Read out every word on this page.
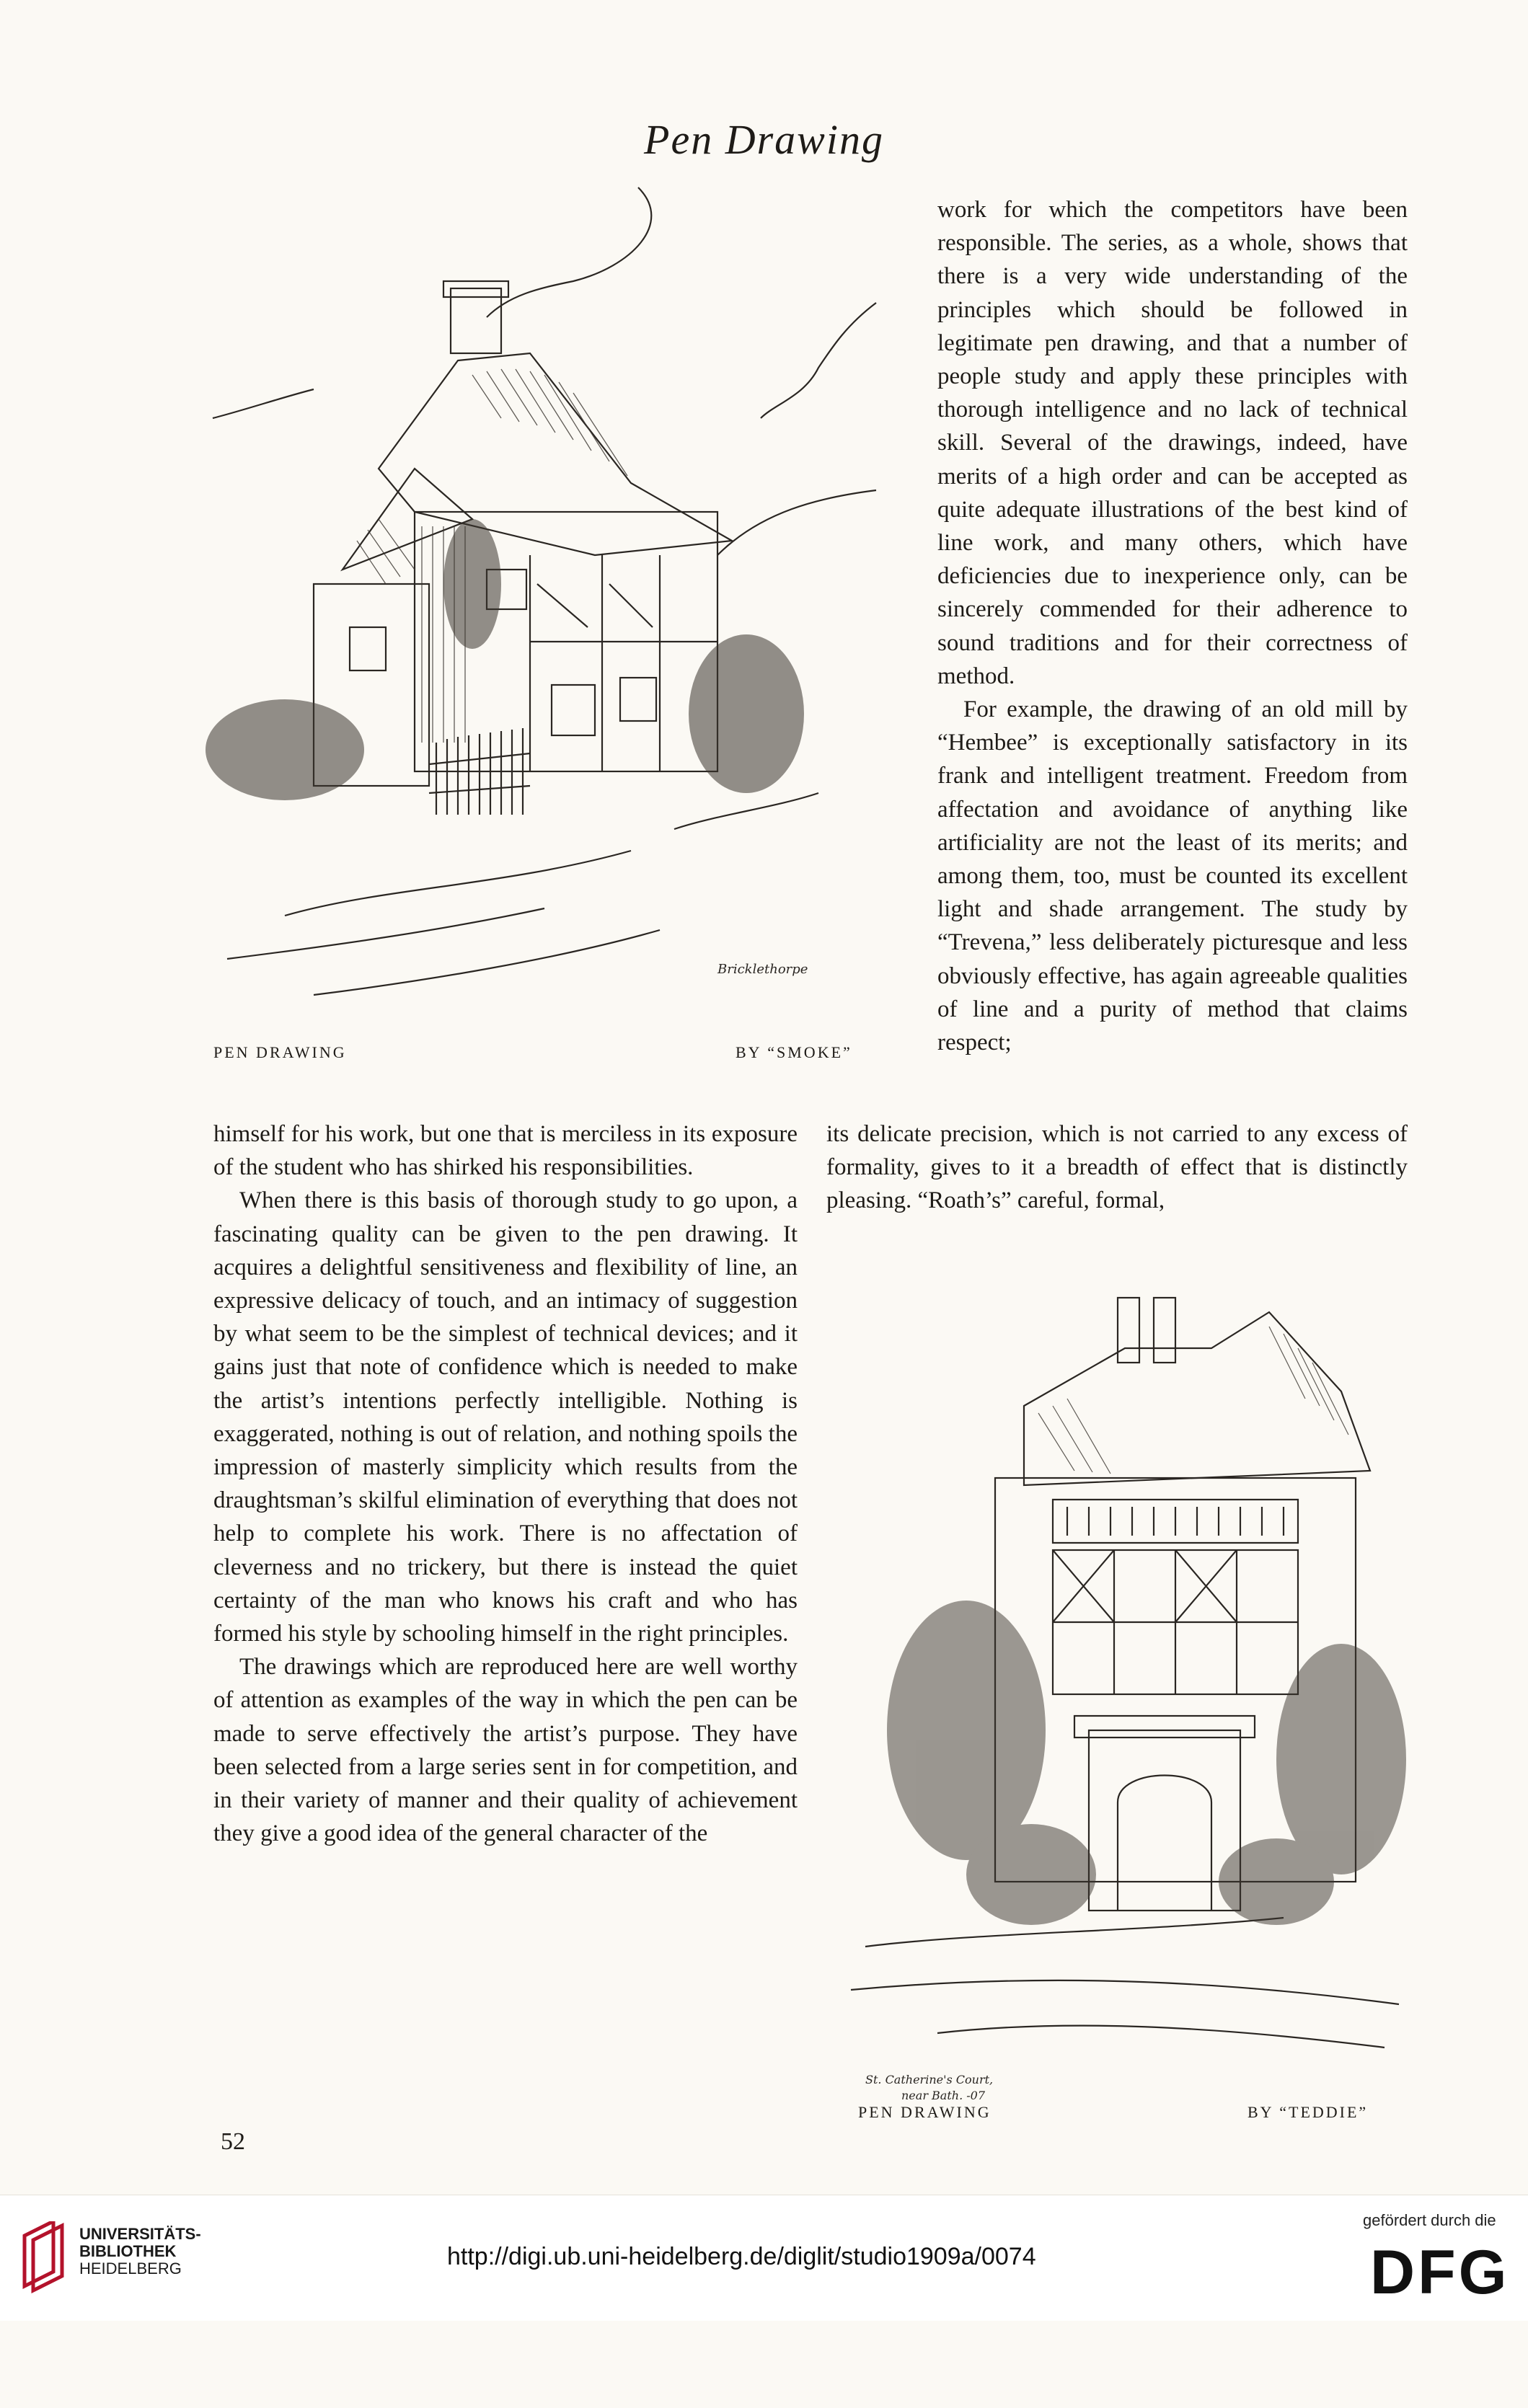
Pen Drawing
Bricklethorpe
PEN DRAWING	BY “SMOKE”

work for which the competitors have been responsible. The series, as a whole, shows that there is a very wide understanding of the principles which should be followed in legitimate pen drawing, and that a number of people study and apply these principles with thorough intelligence and no lack of technical skill. Several of the drawings, indeed, have merits of a high order and can be accepted as quite adequate illustrations of the best kind of line work, and many others, which have deficiencies due to inexperience only, can be sincerely commended for their adherence to sound traditions and for their correctness of method.

For example, the drawing of an old mill by “Hembee” is exceptionally satisfactory in its frank and intelligent treatment. Freedom from affectation and avoidance of anything like artificiality are not the least of its merits; and among them, too, must be counted its excellent light and shade arrangement. The study by “Trevena,” less deliberately picturesque and less obviously effective, has again agreeable qualities of line and a purity of method that claims respect;

its delicate precision, which is not carried to any excess of formality, gives to it a breadth of effect that is distinctly pleasing. “Roath’s” careful, formal,

himself for his work, but one that is merciless in its exposure of the student who has shirked his responsibilities.

When there is this basis of thorough study to go upon, a fascinating quality can be given to the pen drawing. It acquires a delightful sensitiveness and flexibility of line, an expressive delicacy of touch, and an intimacy of suggestion by what seem to be the simplest of technical devices; and it gains just that note of confidence which is needed to make the artist’s intentions perfectly intelligible. Nothing is exaggerated, nothing is out of relation, and nothing spoils the impression of masterly simplicity which results from the draughtsman’s skilful elimination of everything that does not help to complete his work. There is no affectation of cleverness and no trickery, but there is instead the quiet certainty of the man who knows his craft and who has formed his style by schooling himself in the right principles.

The drawings which are reproduced here are well worthy of attention as examples of the way in which the pen can be made to serve effectively the artist’s purpose. They have been selected from a large series sent in for competition, and in their variety of manner and their quality of achievement they give a good idea of the general character of the

St. Catherine's Court,
near Bath. -07
PEN DRAWING	BY “TEDDIE”
52
UNIVERSITÄTS-
BIBLIOTHEK
HEIDELBERG	http://digi.ub.uni-heidelberg.de/diglit/studio1909a/0074
gefördert durch die
DFG
